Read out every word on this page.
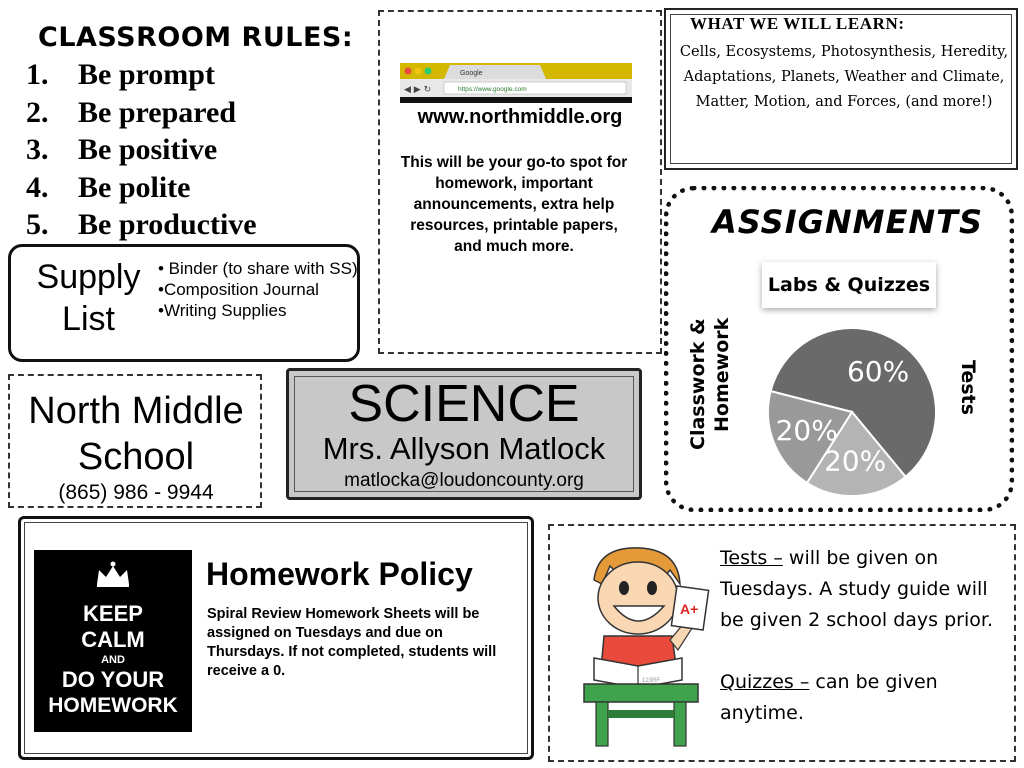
CLASSROOM RULES:
1. Be prompt
2. Be prepared
3. Be positive
4. Be polite
5. Be productive
Supply List
• Binder (to share with SS)
•Composition Journal
•Writing Supplies
Google
◀ ▶ ↻	https://www.google.com
www.northmiddle.org
This will be your go-to spot for homework, important announcements, extra help resources, printable papers, and much more.
WHAT WE WILL LEARN:
Cells, Ecosystems, Photosynthesis, Heredity, Adaptations, Planets, Weather and Climate, Matter, Motion, and Forces, (and more!)
ASSIGNMENTS
Labs & Quizzes
Classwork & Homework	60%
20%
20%
Tests
North Middle School
(865) 986 - 9944
SCIENCE
Mrs. Allyson Matlock
matlocka@loudoncounty.org
KEEP
CALM
AND
DO YOUR
HOMEWORK
Homework Policy
Spiral Review Homework Sheets will be assigned on Tuesdays and due on Thursdays. If not completed, students will receive a 0.
A+
123RF
Tests – will be given on Tuesdays. A study guide will be given 2 school days prior.
Quizzes – can be given anytime.
